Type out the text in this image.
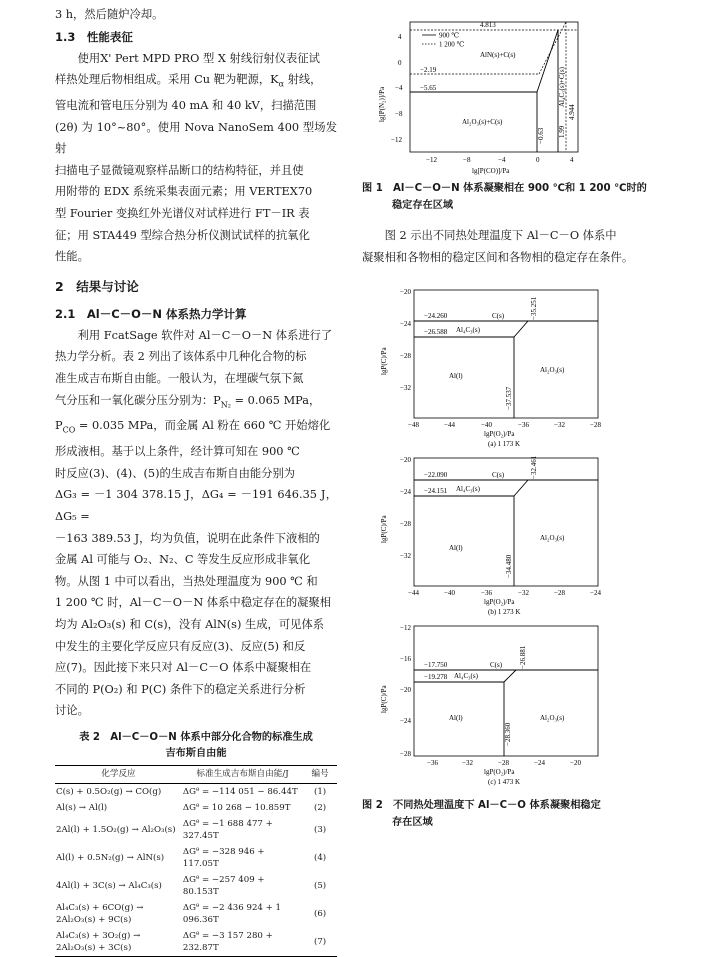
3 h，然后随炉冷却。

1.3　性能表征

使用X' Pert MPD PRO 型 X 射线衍射仪表征试

样热处理后物相组成。采用 Cu 靶为靶源，$K_\alpha$ 射线，

管电流和管电压分别为 40 mA 和 40 kV，扫描范围

(2θ) 为 10°~80°。使用 Nova NanoSem 400 型场发射

扫描电子显微镜观察样品断口的结构特征，并且使

用附带的 EDX 系统采集表面元素；用 VERTEX70

型 Fourier 变换红外光谱仪对试样进行 FT－IR 表

征；用 STA449 型综合热分析仪测试试样的抗氧化

性能。

2　结果与讨论
2.1　Al－C－O－N 体系热力学计算

利用 FcatSage 软件对 Al－C－O－N 体系进行了

热力学分析。表 2 列出了该体系中几种化合物的标

准生成吉布斯自由能。一般认为，在埋碳气氛下氮

气分压和一氧化碳分压分别为：$P_{N_2} = 0.065$ MPa，

$P_{CO} = 0.035$ MPa，而金属 Al 粉在 660 ℃ 开始熔化

形成液相。基于以上条件，经计算可知在 900 ℃

时反应(3)、(4)、(5)的生成吉布斯自由能分别为

ΔG₃ = －1 304 378.15 J，ΔG₄ = －191 646.35 J，ΔG₅ =

－163 389.53 J，均为负值，说明在此条件下液相的

金属 Al 可能与 O₂、N₂、C 等发生反应形成非氧化

物。从图 1 中可以看出，当热处理温度为 900 ℃ 和

1 200 ℃ 时，Al－C－O－N 体系中稳定存在的凝聚相

均为 Al₂O₃(s) 和 C(s)，没有 AlN(s) 生成，可见体系

中发生的主要化学反应只有反应(3)、反应(5) 和反

应(7)。因此接下来只对 Al－C－O 体系中凝聚相在

不同的 P(O₂) 和 P(C) 条件下的稳定关系进行分析

讨论。

表 2　Al－C－O－N 体系中部分化合物的标准生成
吉布斯自由能
化学反应	标准生成吉布斯自由能/J	编号
C(s) + 0.5O₂(g) → CO(g)	ΔGᶿ = −114 051 − 86.44T	(1)
Al(s) → Al(l)	ΔGᶿ = 10 268 − 10.859T	(2)
2Al(l) + 1.5O₂(g) → Al₂O₃(s)	ΔGᶿ = −1 688 477 + 327.45T	(3)
Al(l) + 0.5N₂(g) → AlN(s)	ΔGᶿ = −328 946 + 117.05T	(4)
4Al(l) + 3C(s) → Al₄C₃(s)	ΔGᶿ = −257 409 + 80.153T	(5)

Al₄C₃(s) + 6CO(g) →
2Al₂O₃(s) + 9C(s)	ΔGᶿ = −2 436 924 + 1 096.36T	(6)

Al₄C₃(s) + 3O₂(g) →
2Al₂O₃(s) + 3C(s)	ΔGᶿ = −3 157 280 + 232.87T	(7)
900 ℃
1 200 ℃
4.813
−2.19
−5.65
AlN(s)+C(s)
Al₂O₃(s)+C(s)
−0.63 1.99
Al₄C₃(s)+C(s)
4.944
4
0
−4
−8
−12
−12	−8	−4	0	4
lg[P(CO)]/Pa
lg[P(N₂)]/Pa
图 1　Al－C－O－N 体系凝聚相在 900 ℃和 1 200 ℃时的
稳定存在区域

图 2 示出不同热处理温度下 Al－C－O 体系中

凝聚相和各物相的稳定区间和各物相的稳定存在条件。

−24.260
−26.588
C(s)
Al₄C₃(s)
Al(l)
Al₂O₃(s)
−35.251
−37.537
−20
−24
−28
−32
−48	−44	−40	−36	−32	−28
lgP(O₂)/Pa
(a) 1 173 K
lgP(C)/Pa
−22.090
−24.151
C(s)
Al₄C₃(s)
Al(l)
Al₂O₃(s)
−32.461
−34.480
−20
−24
−28
−32
−44	−40	−36	−32	−28	−24
lgP(O₂)/Pa
(b) 1 273 K
lgP(C)/Pa
−17.750
−19.278
C(s)
Al₄C₃(s)
Al(l)	Al₂O₃(s)
−26.881
−28.360
−12
−16
−20
−24
−28
−36	−32	−28	−24	−20
lgP(O₂)/Pa
(c) 1 473 K
lgP(C)/Pa
图 2　不同热处理温度下 Al－C－O 体系凝聚相稳定
存在区域
